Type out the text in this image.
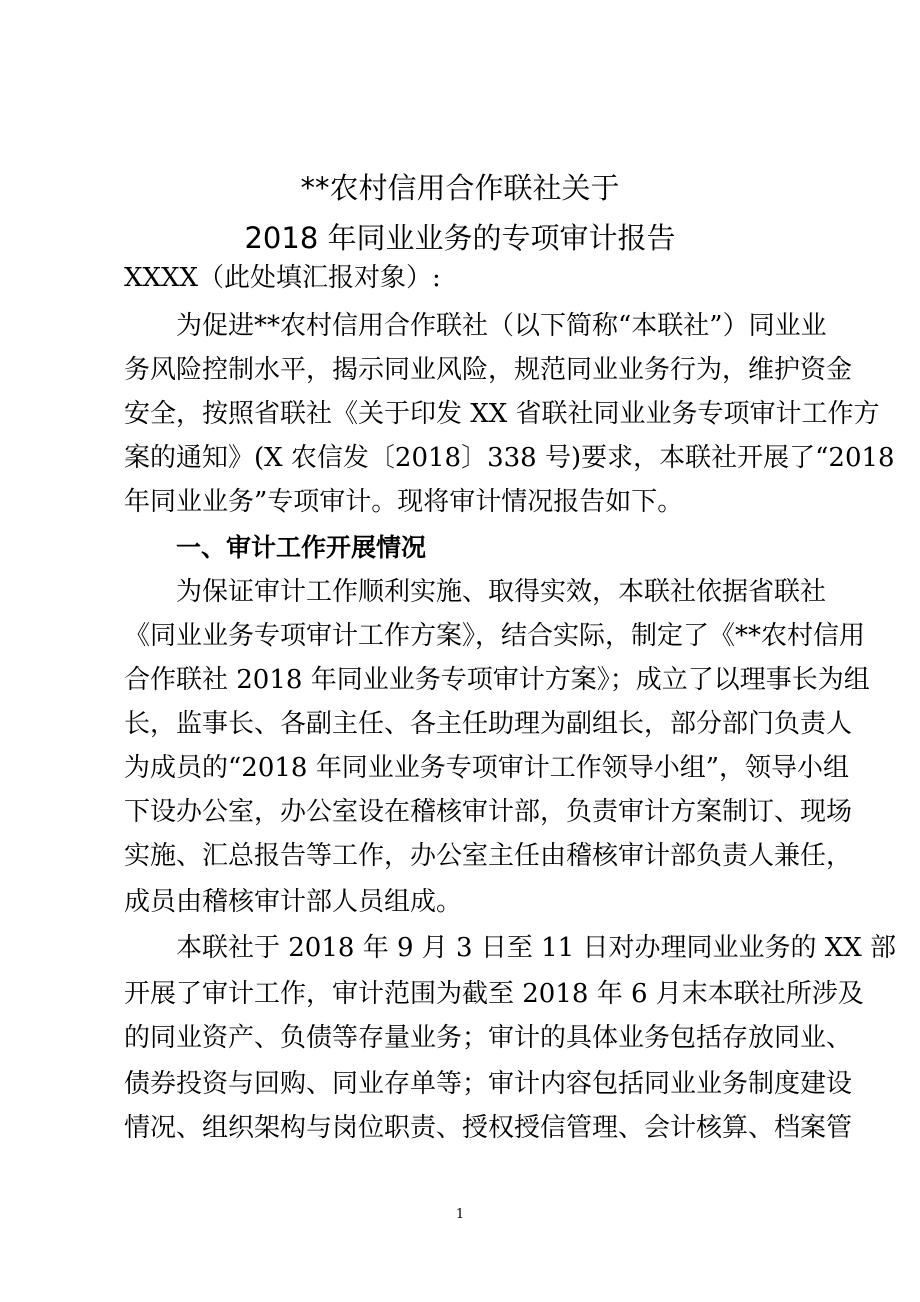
**农村信用合作联社关于
2018 年同业业务的专项审计报告
XXXX（此处填汇报对象）:
为促进**农村信用合作联社（以下简称“本联社”）同业业
务风险控制水平，揭示同业风险，规范同业业务行为，维护资金
安全，按照省联社《关于印发 XX 省联社同业业务专项审计工作方
案的通知》(X 农信发〔2018〕338 号)要求，本联社开展了“2018
年同业业务”专项审计。现将审计情况报告如下。
一、审计工作开展情况
为保证审计工作顺利实施、取得实效，本联社依据省联社
《同业业务专项审计工作方案》，结合实际，制定了《**农村信用
合作联社 2018 年同业业务专项审计方案》；成立了以理事长为组
长，监事长、各副主任、各主任助理为副组长，部分部门负责人
为成员的“2018 年同业业务专项审计工作领导小组”，领导小组
下设办公室，办公室设在稽核审计部，负责审计方案制订、现场
实施、汇总报告等工作，办公室主任由稽核审计部负责人兼任，
成员由稽核审计部人员组成。
本联社于 2018 年 9 月 3 日至 11 日对办理同业业务的 XX 部
开展了审计工作，审计范围为截至 2018 年 6 月末本联社所涉及
的同业资产、负债等存量业务；审计的具体业务包括存放同业、
债券投资与回购、同业存单等；审计内容包括同业业务制度建设
情况、组织架构与岗位职责、授权授信管理、会计核算、档案管
1
